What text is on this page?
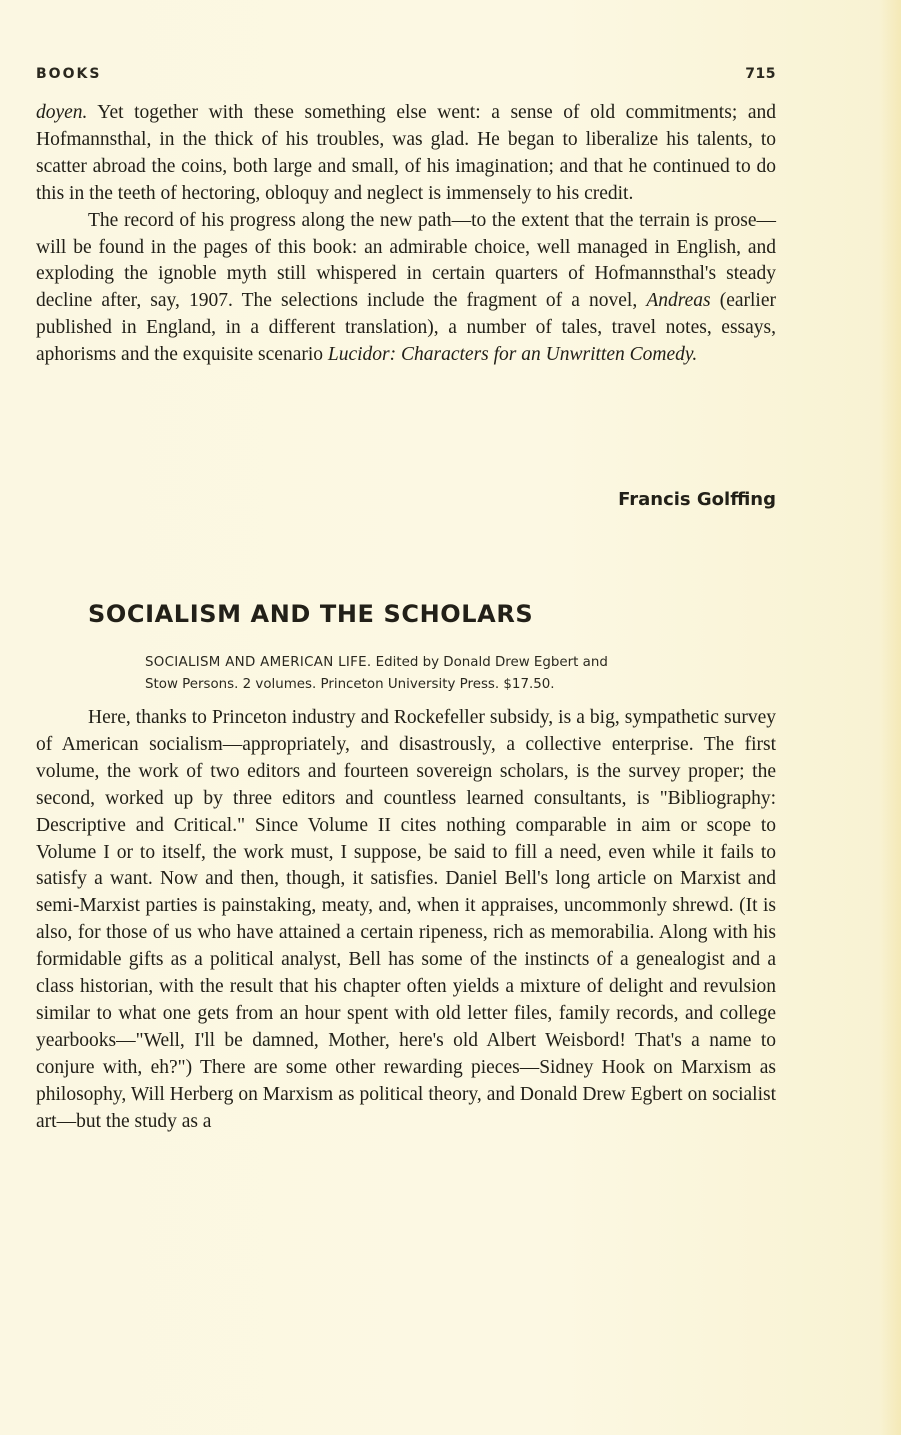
BOOKS	715

doyen. Yet together with these something else went: a sense of old commitments; and Hofmannsthal, in the thick of his troubles, was glad. He began to liberalize his talents, to scatter abroad the coins, both large and small, of his imagination; and that he continued to do this in the teeth of hectoring, obloquy and neglect is immensely to his credit.

The record of his progress along the new path—to the extent that the terrain is prose—will be found in the pages of this book: an admirable choice, well managed in English, and exploding the ignoble myth still whispered in certain quarters of Hofmannsthal's steady decline after, say, 1907. The selections include the fragment of a novel, Andreas (earlier published in England, in a different translation), a number of tales, travel notes, essays, aphorisms and the exquisite scenario Lucidor: Characters for an Unwritten Comedy.

Francis Golffing
SOCIALISM AND THE SCHOLARS
SOCIALISM AND AMERICAN LIFE. Edited by Donald Drew Egbert and
Stow Persons. 2 volumes. Princeton University Press. $17.50.

Here, thanks to Princeton industry and Rockefeller subsidy, is a big, sympathetic survey of American socialism—appropriately, and disastrously, a collective enterprise. The first volume, the work of two editors and fourteen sovereign scholars, is the survey proper; the second, worked up by three editors and countless learned consultants, is "Bibliography: Descriptive and Critical." Since Volume II cites nothing comparable in aim or scope to Volume I or to itself, the work must, I suppose, be said to fill a need, even while it fails to satisfy a want. Now and then, though, it satisfies. Daniel Bell's long article on Marxist and semi-Marxist parties is painstaking, meaty, and, when it appraises, uncommonly shrewd. (It is also, for those of us who have attained a certain ripeness, rich as memorabilia. Along with his formidable gifts as a political analyst, Bell has some of the instincts of a genealogist and a class historian, with the result that his chapter often yields a mixture of delight and revulsion similar to what one gets from an hour spent with old letter files, family records, and college yearbooks—"Well, I'll be damned, Mother, here's old Albert Weisbord! That's a name to conjure with, eh?") There are some other rewarding pieces—Sidney Hook on Marxism as philosophy, Will Herberg on Marxism as political theory, and Donald Drew Egbert on socialist art—but the study as a
